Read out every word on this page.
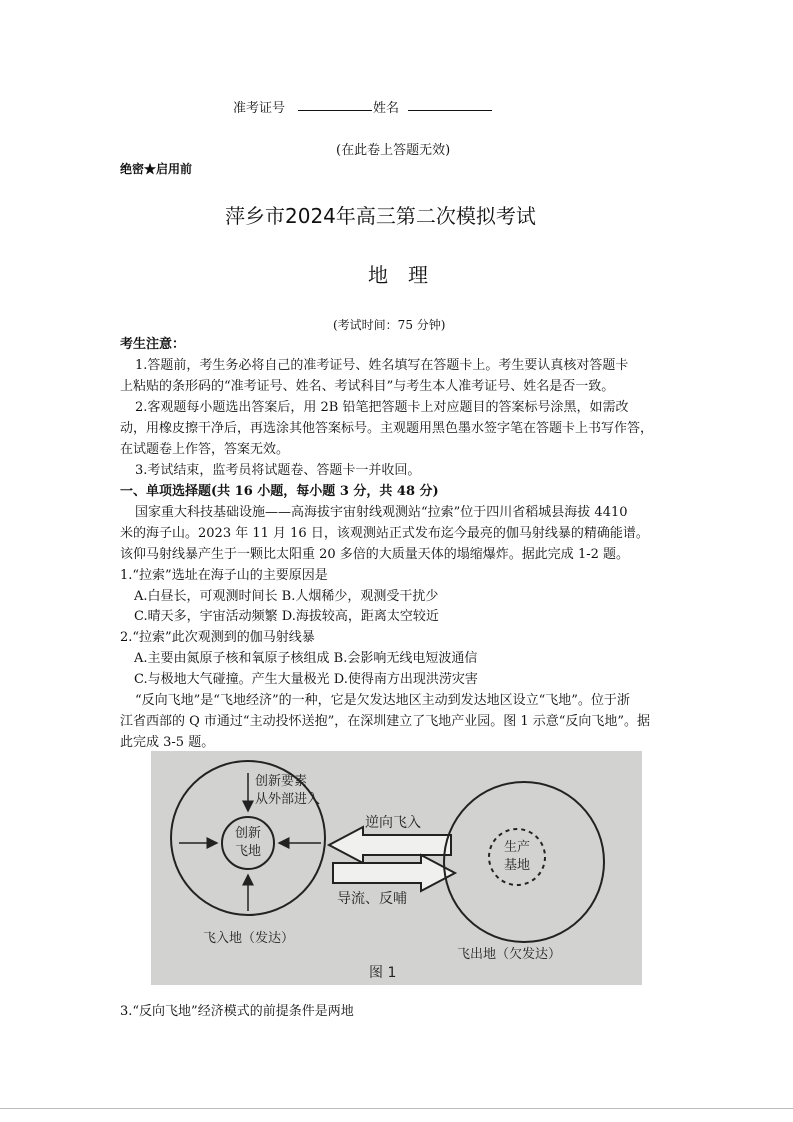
准考证号	姓名
(在此卷上答题无效)
绝密★启用前
萍乡市2024年高三第二次模拟考试
地　理
(考试时间：75 分钟)
考生注意：
1.答题前，考生务必将自己的准考证号、姓名填写在答题卡上。考生要认真核对答题卡
上粘贴的条形码的“准考证号、姓名、考试科目”与考生本人准考证号、姓名是否一致。
2.客观题每小题选出答案后，用 2B 铅笔把答题卡上对应题目的答案标号涂黑，如需改
动，用橡皮擦干净后，再选涂其他答案标号。主观题用黑色墨水签字笔在答题卡上书写作答，
在试题卷上作答，答案无效。
3.考试结束，监考员将试题卷、答题卡一并收回。
一、单项选择题(共 16 小题，每小题 3 分，共 48 分)
国家重大科技基础设施——高海拔宇宙射线观测站“拉索”位于四川省稻城县海拔 4410
米的海子山。2023 年 11 月 16 日，该观测站正式发布迄今最亮的伽马射线暴的精确能谱。
该仰马射线暴产生于一颗比太阳重 20 多倍的大质量天体的塌缩爆炸。据此完成 1-2 题。
1.“拉索”选址在海子山的主要原因是
A.白昼长，可观测时间长 B.人烟稀少，观测受干扰少
C.晴天多，宇宙活动频繁 D.海拔较高，距离太空较近
2.“拉索”此次观测到的伽马射线暴
A.主要由氮原子核和氧原子核组成 B.会影响无线电短波通信
C.与极地大气碰撞。产生大量极光 D.使得南方出现洪涝灾害
“反向飞地”是“飞地经济”的一种，它是欠发达地区主动到发达地区设立“飞地”。位于浙
江省西部的 Q 市通过“主动投怀送抱”，在深圳建立了飞地产业园。图 1 示意“反向飞地”。据
此完成 3-5 题。
创新
飞地
创新要素
从外部进入
飞入地（发达）
逆向飞入
导流、反哺
生产
基地
飞出地（欠发达）
图 1
3.“反向飞地”经济模式的前提条件是两地
